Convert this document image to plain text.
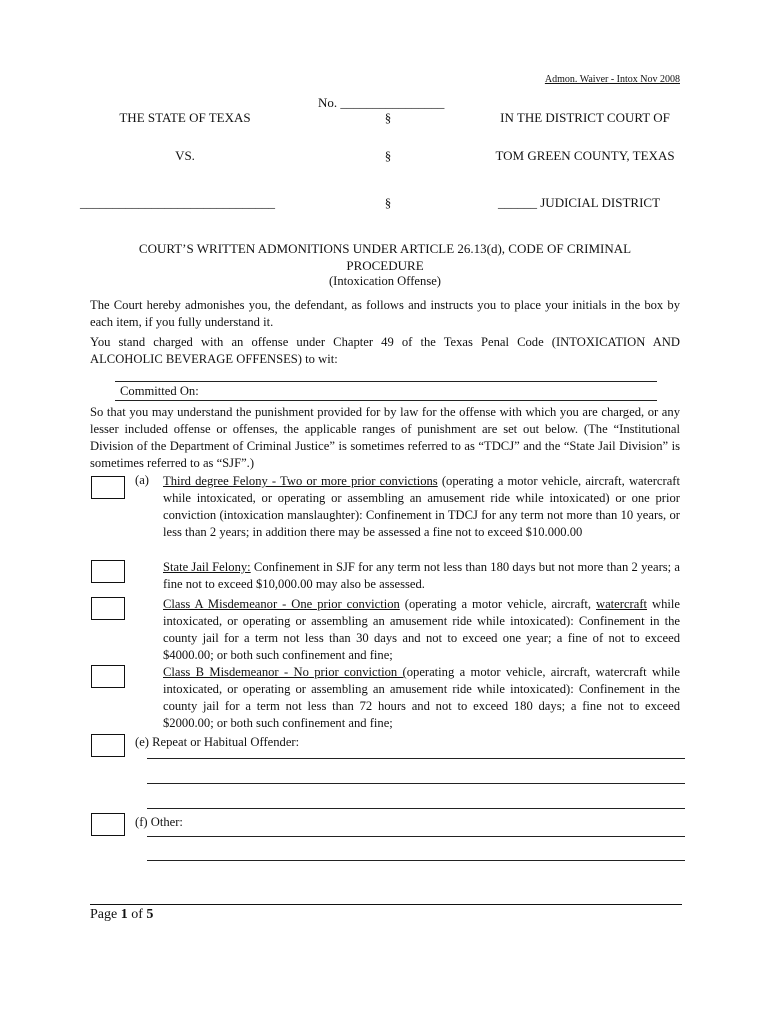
Admon. Waiver - Intox Nov 2008
No. ________________
THE STATE OF TEXAS	§	IN THE DISTRICT COURT OF
VS.	§	TOM GREEN COUNTY, TEXAS
______________________________	§	______ JUDICIAL DISTRICT
COURT’S WRITTEN ADMONITIONS UNDER ARTICLE 26.13(d), CODE OF CRIMINAL
PROCEDURE
(Intoxication Offense)
The Court hereby admonishes you, the defendant, as follows and instructs you to place your initials in the box by each item, if you fully understand it.
You stand charged with an offense under Chapter 49 of the Texas Penal Code (INTOXICATION AND ALCOHOLIC BEVERAGE OFFENSES) to wit:
Committed On:
So that you may understand the punishment provided for by law for the offense with which you are charged, or any lesser included offense or offenses, the applicable ranges of punishment are set out below. (The “Institutional Division of the Department of Criminal Justice” is sometimes referred to as “TDCJ” and the “State Jail Division” is sometimes referred to as “SJF”.)
(a) Third degree Felony - Two or more prior convictions (operating a motor vehicle, aircraft, watercraft while intoxicated, or operating or assembling an amusement ride while intoxicated) or one prior conviction (intoxication manslaughter): Confinement in TDCJ for any term not more than 10 years, or less than 2 years; in addition there may be assessed a fine not to exceed $10.000.00
State Jail Felony: Confinement in SJF for any term not less than 180 days but not more than 2 years; a fine not to exceed $10,000.00 may also be assessed.
Class A Misdemeanor - One prior conviction (operating a motor vehicle, aircraft, watercraft while intoxicated, or operating or assembling an amusement ride while intoxicated): Confinement in the county jail for a term not less than 30 days and not to exceed one year; a fine of not to exceed $4000.00; or both such confinement and fine;
Class B Misdemeanor - No prior conviction (operating a motor vehicle, aircraft, watercraft while intoxicated, or operating or assembling an amusement ride while intoxicated): Confinement in the county jail for a term not less than 72 hours and not to exceed 180 days; a fine not to exceed $2000.00; or both such confinement and fine;
(e) Repeat or Habitual Offender:
(f) Other:
Page 1 of 5
